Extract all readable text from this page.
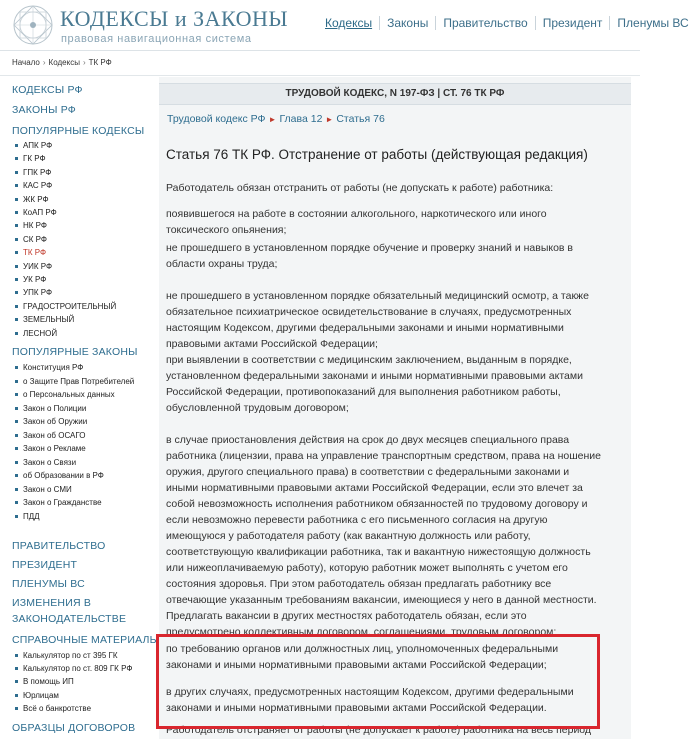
КОДЕКСЫ и ЗАКОНЫ
правовая навигационная система
Кодексы	Законы	Правительство	Президент	Пленумы ВС
Начало › Кодексы › ТК РФ
КОДЕКСЫ РФ
ЗАКОНЫ РФ
ПОПУЛЯРНЫЕ КОДЕКСЫ
АПК РФ
ГК РФ
ГПК РФ
КАС РФ
ЖК РФ
КоАП РФ
НК РФ
СК РФ
ТК РФ
УИК РФ
УК РФ
УПК РФ
ГРАДОСТРОИТЕЛЬНЫЙ
ЗЕМЕЛЬНЫЙ
ЛЕСНОЙ
ПОПУЛЯРНЫЕ ЗАКОНЫ
Конституция РФ
о Защите Прав Потребителей
о Персональных данных
Закон о Полиции
Закон об Оружии
Закон об ОСАГО
Закон о Рекламе
Закон о Связи
об Образовании в РФ
Закон о СМИ
Закон о Гражданстве
ПДД
ПРАВИТЕЛЬСТВО
ПРЕЗИДЕНТ
ПЛЕНУМЫ ВС
ИЗМЕНЕНИЯ В
ЗАКОНОДАТЕЛЬСТВЕ
СПРАВОЧНЫЕ МАТЕРИАЛЫ
Калькулятор по ст 395 ГК
Калькулятор по ст. 809 ГК РФ
В помощь ИП
Юрлицам
Всё о банкротстве
ОБРАЗЦЫ ДОГОВОРОВ
ТРУДОВОЙ КОДЕКС, N 197-ФЗ | СТ. 76 ТК РФ
Трудовой кодекс РФ ► Глава 12 ► Статья 76
Статья 76 ТК РФ. Отстранение от работы (действующая редакция)

Работодатель обязан отстранить от работы (не допускать к работе) работника:

появившегося на работе в состоянии алкогольного, наркотического или иного
токсического опьянения;

не прошедшего в установленном порядке обучение и проверку знаний и навыков в
области охраны труда;

не прошедшего в установленном порядке обязательный медицинский осмотр, а также
обязательное психиатрическое освидетельствование в случаях, предусмотренных
настоящим Кодексом, другими федеральными законами и иными нормативными
правовыми актами Российской Федерации;

при выявлении в соответствии с медицинским заключением, выданным в порядке,
установленном федеральными законами и иными нормативными правовыми актами
Российской Федерации, противопоказаний для выполнения работником работы,
обусловленной трудовым договором;

в случае приостановления действия на срок до двух месяцев специального права
работника (лицензии, права на управление транспортным средством, права на ношение
оружия, другого специального права) в соответствии с федеральными законами и
иными нормативными правовыми актами Российской Федерации, если это влечет за
собой невозможность исполнения работником обязанностей по трудовому договору и
если невозможно перевести работника с его письменного согласия на другую
имеющуюся у работодателя работу (как вакантную должность или работу,
соответствующую квалификации работника, так и вакантную нижестоящую должность
или нижеоплачиваемую работу), которую работник может выполнять с учетом его
состояния здоровья. При этом работодатель обязан предлагать работнику все
отвечающие указанным требованиям вакансии, имеющиеся у него в данной местности.
Предлагать вакансии в других местностях работодатель обязан, если это
предусмотрено коллективным договором, соглашениями, трудовым договором;

по требованию органов или должностных лиц, уполномоченных федеральными
законами и иными нормативными правовыми актами Российской Федерации;

в других случаях, предусмотренных настоящим Кодексом, другими федеральными
законами и иными нормативными правовыми актами Российской Федерации.

Работодатель отстраняет от работы (не допускает к работе) работника на весь период
